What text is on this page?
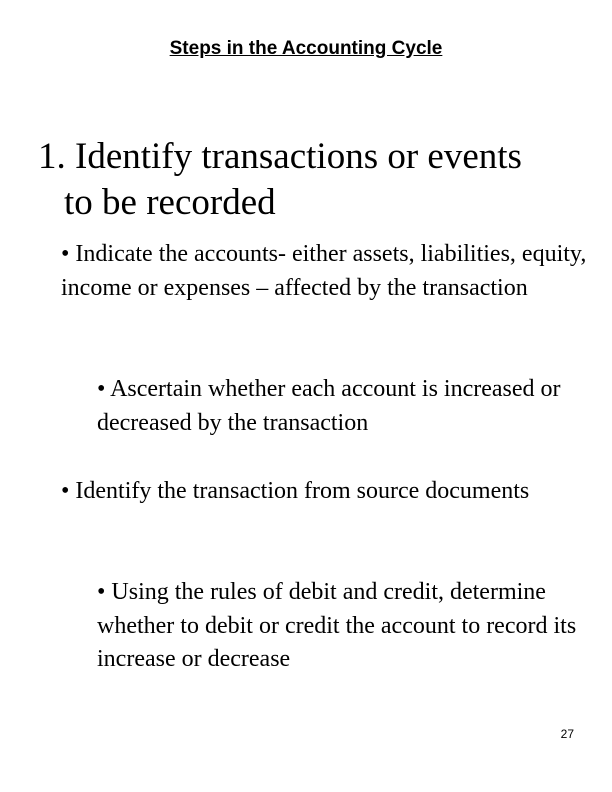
Steps in the Accounting Cycle
1. Identify transactions or events
to be recorded
• Indicate the accounts- either assets, liabilities, equity, income or expenses – affected by the transaction
• Ascertain whether each account is increased or decreased by the transaction
• Identify the transaction from source documents
• Using the rules of debit and credit, determine whether to debit or credit the account to record its increase or decrease
27
